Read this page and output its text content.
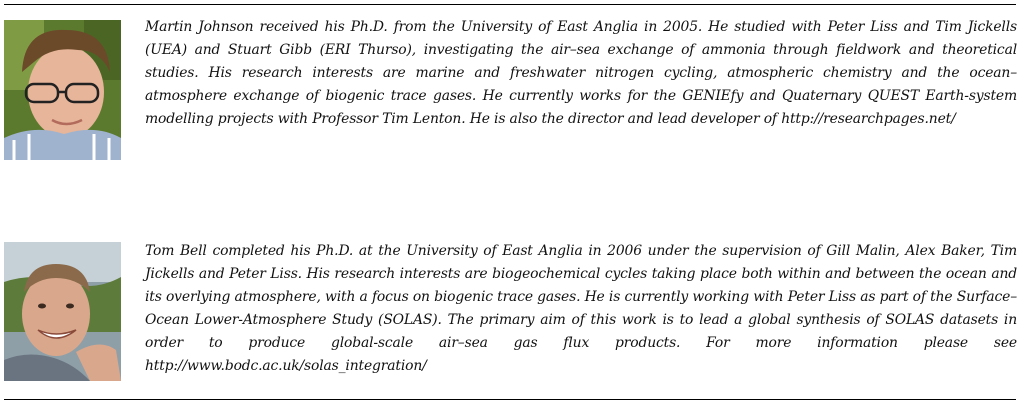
Martin Johnson received his Ph.D. from the University of East Anglia in 2005. He studied with Peter Liss and Tim Jickells (UEA) and Stuart Gibb (ERI Thurso), investigating the air–sea exchange of ammonia through fieldwork and theoretical studies. His research interests are marine and freshwater nitrogen cycling, atmospheric chemistry and the ocean–atmosphere exchange of biogenic trace gases. He currently works for the GENIEfy and Quaternary QUEST Earth-system modelling projects with Professor Tim Lenton. He is also the director and lead developer of http://researchpages.net/

Tom Bell completed his Ph.D. at the University of East Anglia in 2006 under the supervision of Gill Malin, Alex Baker, Tim Jickells and Peter Liss. His research interests are biogeochemical cycles taking place both within and between the ocean and its overlying atmosphere, with a focus on biogenic trace gases. He is currently working with Peter Liss as part of the Surface–Ocean Lower-Atmosphere Study (SOLAS). The primary aim of this work is to lead a global synthesis of SOLAS datasets in order to produce global-scale air–sea gas flux products. For more information please see http://www.bodc.ac.uk/solas_integration/
